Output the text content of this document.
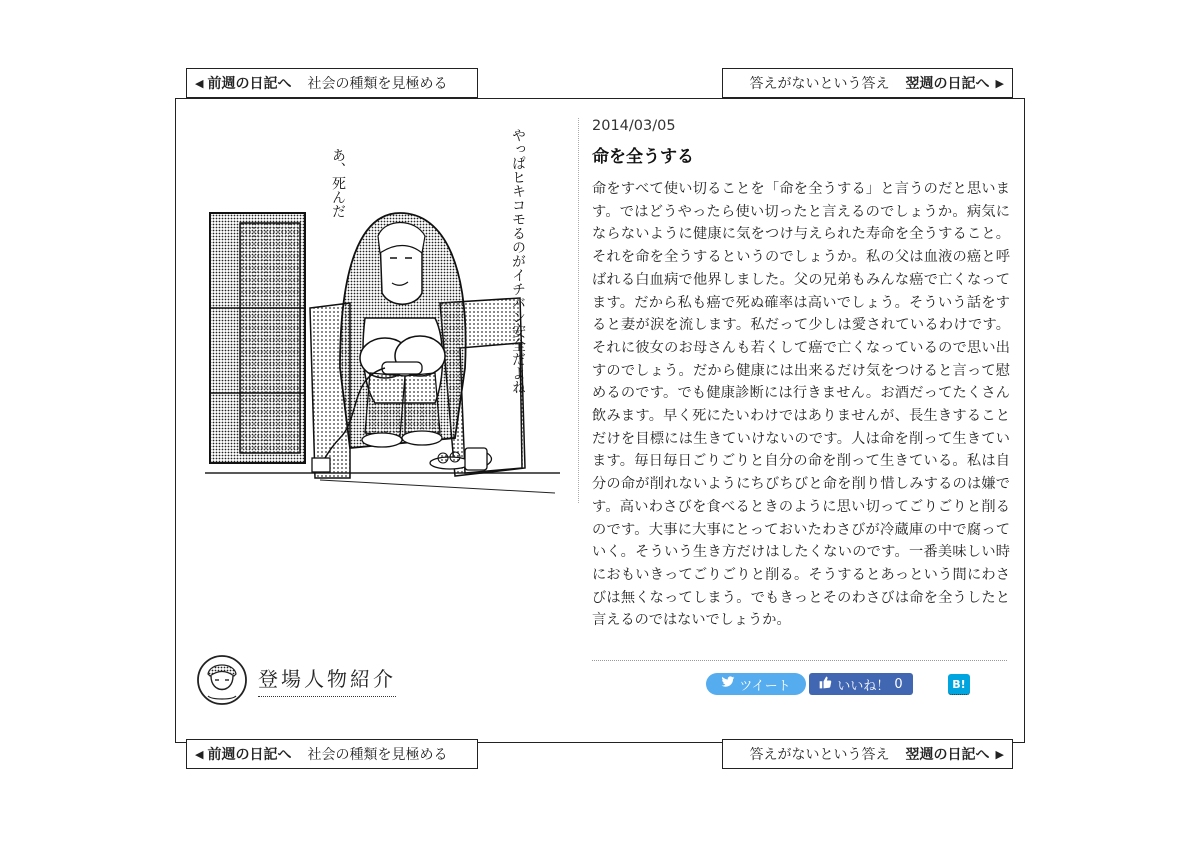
◀ 前週の日記へ 社会の種類を見極める	答えがないという答え 翌週の日記へ ▶
やっぱヒキコモるのがイチバン安全だよね
あ、死んだ
2014/03/05
命を全うする
命をすべて使い切ることを「命を全うする」と言うのだと思います。ではどうやったら使い切ったと言えるのでしょうか。病気にならないように健康に気をつけ与えられた寿命を全うすること。それを命を全うするというのでしょうか。私の父は血液の癌と呼ばれる白血病で他界しました。父の兄弟もみんな癌で亡くなってます。だから私も癌で死ぬ確率は高いでしょう。そういう話をすると妻が涙を流します。私だって少しは愛されているわけです。それに彼女のお母さんも若くして癌で亡くなっているので思い出すのでしょう。だから健康には出来るだけ気をつけると言って慰めるのです。でも健康診断には行きません。お酒だってたくさん飲みます。早く死にたいわけではありませんが、長生きすることだけを目標には生きていけないのです。人は命を削って生きています。毎日毎日ごりごりと自分の命を削って生きている。私は自分の命が削れないようにちびちびと命を削り惜しみするのは嫌です。高いわさびを食べるときのように思い切ってごりごりと削るのです。大事に大事にとっておいたわさびが冷蔵庫の中で腐っていく。そういう生き方だけはしたくないのです。一番美味しい時におもいきってごりごりと削る。そうするとあっという間にわさびは無くなってしまう。でもきっとそのわさびは命を全うしたと言えるのではないでしょうか。
ツイート	いいね！ 0	B!
登場人物紹介
◀ 前週の日記へ 社会の種類を見極める	答えがないという答え 翌週の日記へ ▶
